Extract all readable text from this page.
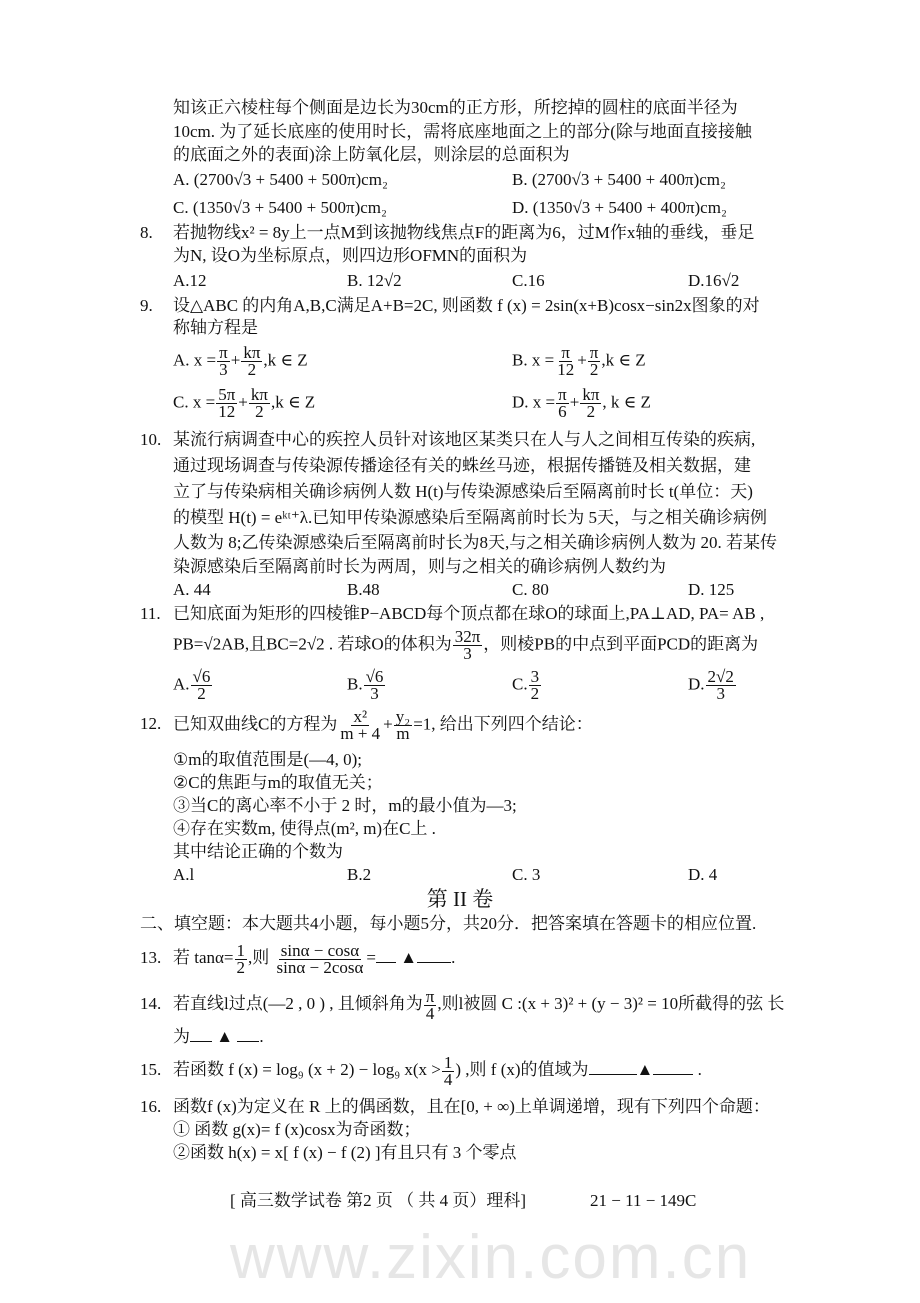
知该正六棱柱每个侧面是边长为30cm的正方形，所挖掉的圆柱的底面半径为
10cm. 为了延长底座的使用时长，需将底座地面之上的部分(除与地面直接接触
的底面之外的表面)涂上防氧化层，则涂层的总面积为
A. (2700√3 + 5400 + 500π)cm₂	B. (2700√3 + 5400 + 400π)cm₂
C. (1350√3 + 5400 + 500π)cm₂	D. (1350√3 + 5400 + 400π)cm₂
8. 若抛物线x² = 8y上一点M到该抛物线焦点F的距离为6，过M作x轴的垂线，垂足
为N, 设O为坐标原点，则四边形OFMN的面积为
A.12	B. 12√2	C.16	D.16√2
9. 设△ABC 的内角A,B,C满足A+B=2C, 则函数 f (x) = 2sin(x+B)cosx−sin2x图象的对
称轴方程是
A. $x = \frac{\pi}{3} + \frac{k\pi}{2} ,k$ ∈ Z	B. $x = \frac{\pi}{12} + \frac{\pi}{2} ,k$ ∈ Z
C. $x = \frac{5\pi}{12} + \frac{k\pi}{2} ,k$ ∈ Z	D. $x = \frac{\pi}{6} + \frac{k\pi}{2}$ , k ∈ Z
10. 某流行病调查中心的疾控人员针对该地区某类只在人与人之间相互传染的疾病,
通过现场调查与传染源传播途径有关的蛛丝马迹，根据传播链及相关数据，建
立了与传染病相关确诊病例人数 H(t)与传染源感染后至隔离前时长 t(单位：天)
的模型 H(t) = eᵏᵗ⁺λ.已知甲传染源感染后至隔离前时长为 5天，与之相关确诊病例
人数为 8;乙传染源感染后至隔离前时长为8天,与之相关确诊病例人数为 20. 若某传
染源感染后至隔离前时长为两周，则与之相关的确诊病例人数约为
A. 44	B.48	C. 80	D. 125
11. 已知底面为矩形的四棱锥P−ABCD每个顶点都在球O的球面上,PA⊥AD, PA= AB ,
PB=√2AB,且BC=2√2 . 若球O的体积为 $\frac{32\pi}{3}$ ，则棱PB的中点到平面PCD的距离为
A. $\frac{√6}{2}$	B. $\frac{√6}{3}$	C. $\frac{3}{2}$	D. $\frac{2√2}{3}$
12. 已知双曲线C的方程为 $\frac{\text{x²}}{m + 4} + \frac{\text{y₂}}{m} =1$, 给出下列四个结论：
①m的取值范围是(—4, 0);
②C的焦距与m的取值无关；
③当C的离心率不小于 2 时，m的最小值为—3;
④存在实数m, 使得点(m², m)在C上 .
其中结论正确的个数为
A.l	B.2	C. 3	D. 4
第 II 卷
二、填空题：本大题共4小题，每小题5分，共20分．把答案填在答题卡的相应位置.
13. 若 $\tan\alpha= \frac{1}{2}$ ,则 $\frac{\sin\alpha - \cos\alpha}{\sin\alpha - 2\cos\alpha}$ = ▲ .
14. 若直线l过点(—2 , 0 ) , 且倾斜角为 $\frac{\pi}{4}$ ,则l被圆 C :(x + 3)² + (y − 3)² = 10所截得的弦 长
为 ▲ .
15. 若函数 f (x) = log₉ (x + 2) − log₉ $x(x > \frac{1}{4}$ ) ,则 f (x)的值域为	▲	.
16. 函数f (x)为定义在 R 上的偶函数，且在[0, + ∞)上单调递增，现有下列四个命题：
① 函数 g(x)= f (x)cosx为奇函数；
②函数 h(x) = x[ f (x) − f (2) ]有且只有 3 个零点
[ 高三数学试卷 第2 页 （ 共 4 页）理科]	21 − 11 − 149C
www.zixin.com.cn
